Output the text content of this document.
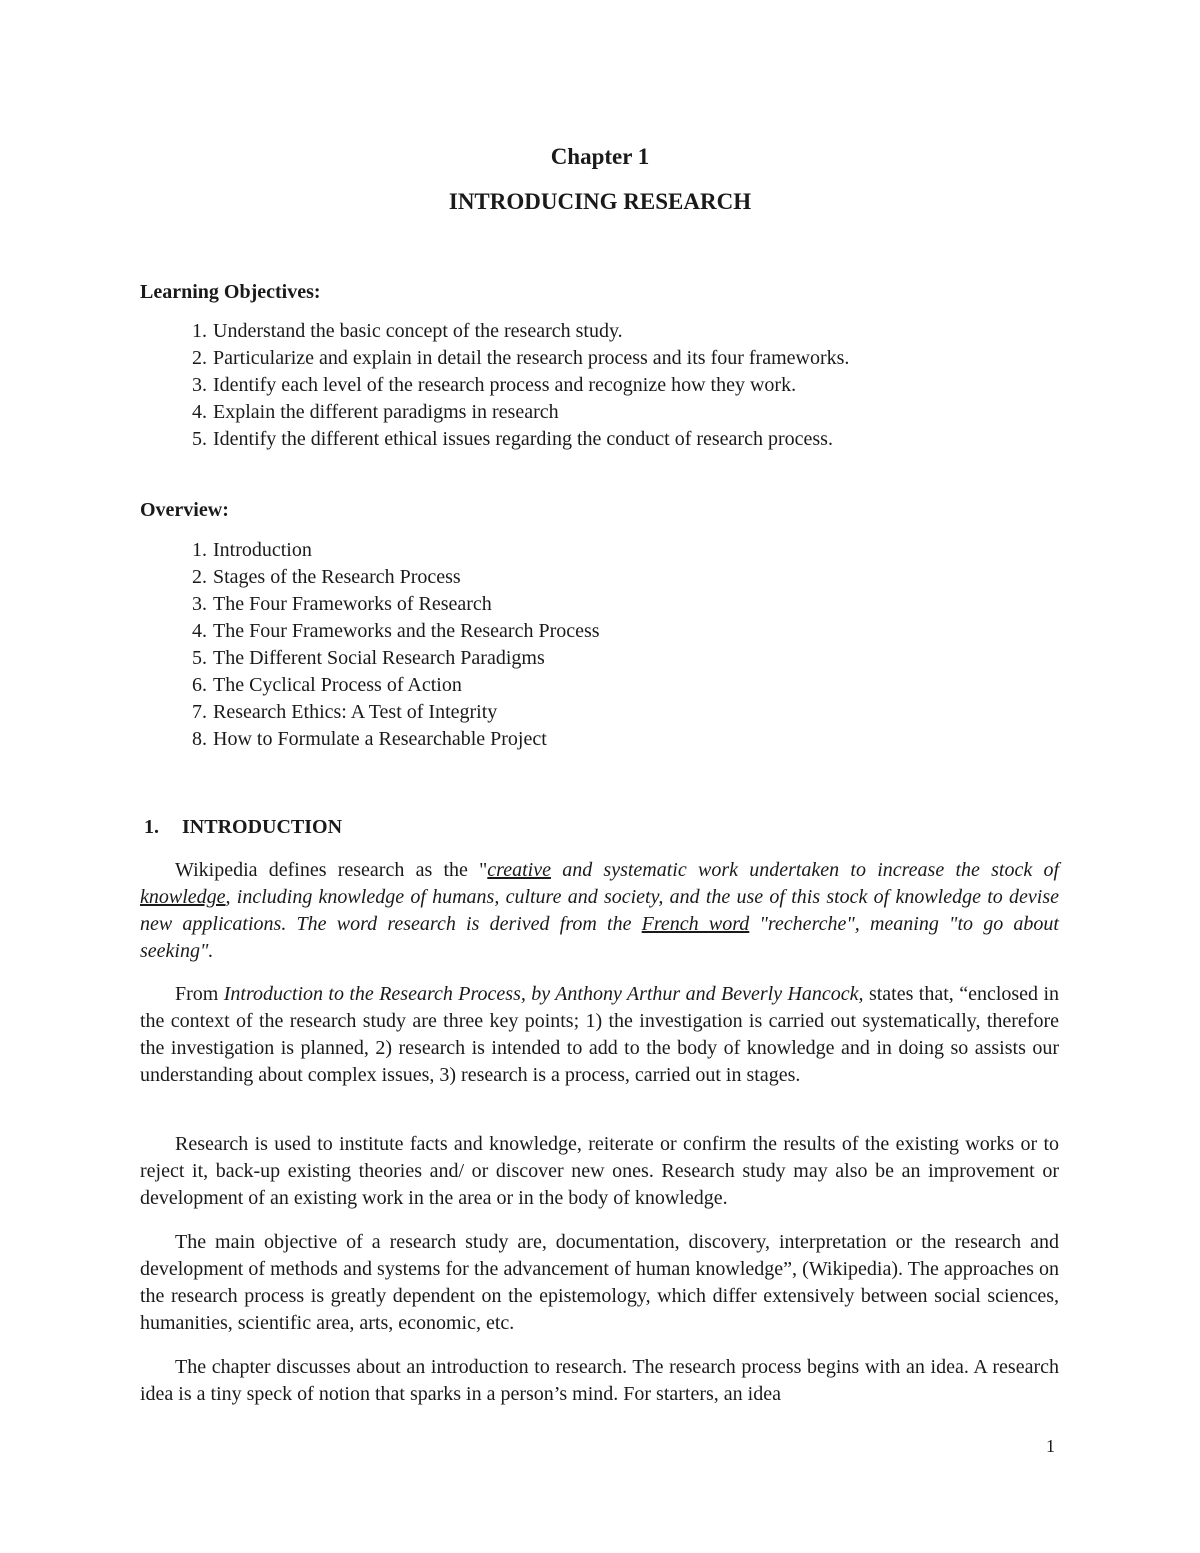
Chapter 1
INTRODUCING RESEARCH

Learning Objectives:

1. Understand the basic concept of the research study.
2. Particularize and explain in detail the research process and its four frameworks.
3. Identify each level of the research process and recognize how they work.
4. Explain the different paradigms in research
5. Identify the different ethical issues regarding the conduct of research process.

Overview:

1. Introduction
2. Stages of the Research Process
3. The Four Frameworks of Research
4. The Four Frameworks and the Research Process
5. The Different Social Research Paradigms
6. The Cyclical Process of Action
7. Research Ethics: A Test of Integrity
8. How to Formulate a Researchable Project
1. INTRODUCTION

Wikipedia defines research as the "creative and systematic work undertaken to increase the stock of knowledge, including knowledge of humans, culture and society, and the use of this stock of knowledge to devise new applications. The word research is derived from the French word "recherche", meaning "to go about seeking".

From Introduction to the Research Process, by Anthony Arthur and Beverly Hancock, states that, “enclosed in the context of the research study are three key points; 1) the investigation is carried out systematically, therefore the investigation is planned, 2) research is intended to add to the body of knowledge and in doing so assists our understanding about complex issues, 3) research is a process, carried out in stages.

Research is used to institute facts and knowledge, reiterate or confirm the results of the existing works or to reject it, back-up existing theories and/ or discover new ones. Research study may also be an improvement or development of an existing work in the area or in the body of knowledge.

The main objective of a research study are, documentation, discovery, interpretation or the research and development of methods and systems for the advancement of human knowledge”, (Wikipedia). The approaches on the research process is greatly dependent on the epistemology, which differ extensively between social sciences, humanities, scientific area, arts, economic, etc.

The chapter discusses about an introduction to research. The research process begins with an idea. A research idea is a tiny speck of notion that sparks in a person’s mind. For starters, an idea

1
